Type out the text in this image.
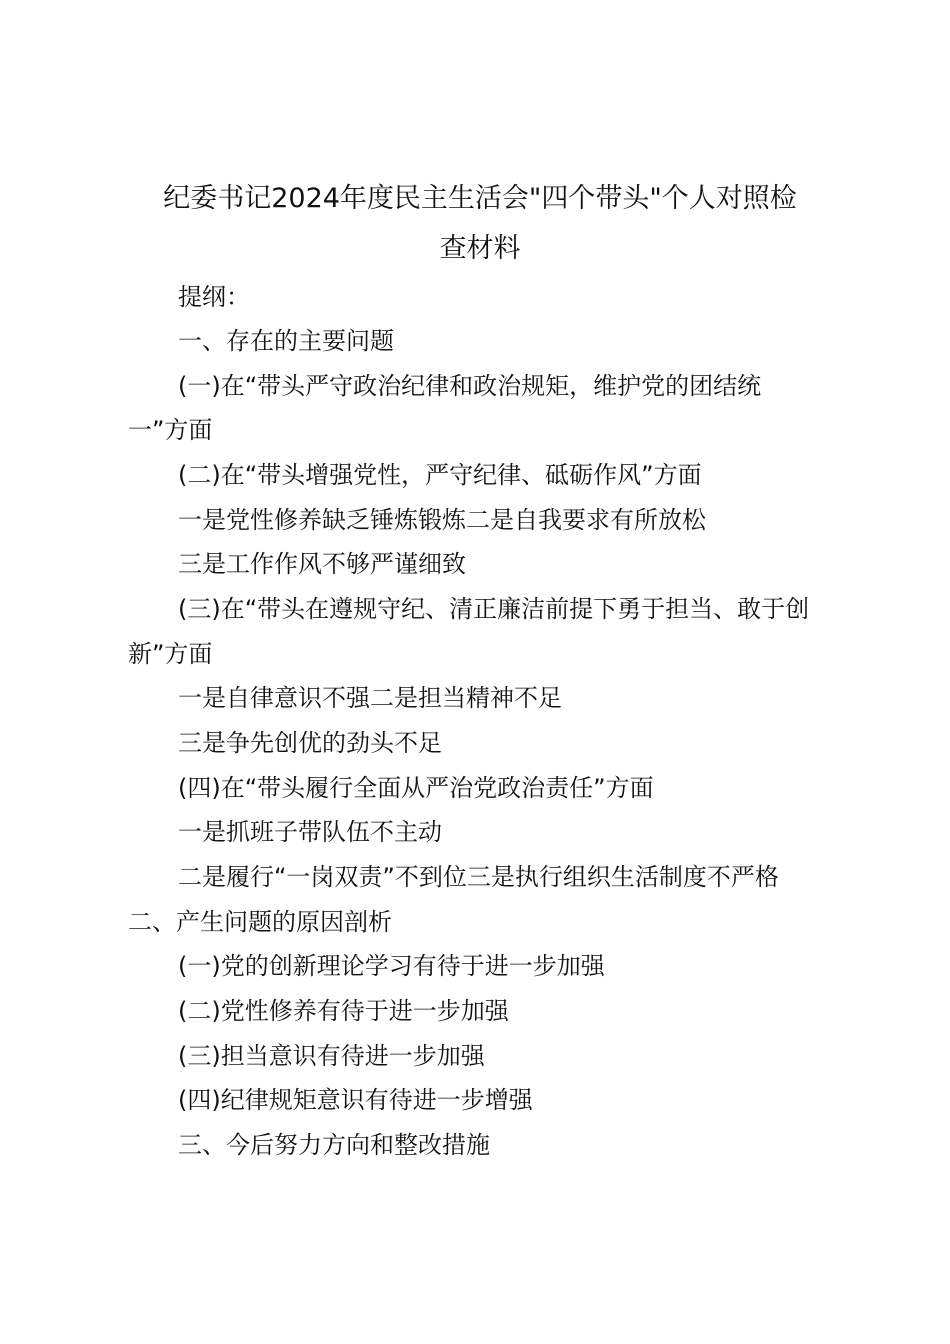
纪委书记2024年度民主生活会"四个带头"个人对照检
查材料
提纲：
一、存在的主要问题
(一)在“带头严守政治纪律和政治规矩，维护党的团结统
一”方面
(二)在“带头增强党性，严守纪律、砥砺作风”方面
一是党性修养缺乏锤炼锻炼二是自我要求有所放松
三是工作作风不够严谨细致
(三)在“带头在遵规守纪、清正廉洁前提下勇于担当、敢于创
新”方面
一是自律意识不强二是担当精神不足
三是争先创优的劲头不足
(四)在“带头履行全面从严治党政治责任”方面
一是抓班子带队伍不主动
二是履行“一岗双责”不到位三是执行组织生活制度不严格
二、产生问题的原因剖析
(一)党的创新理论学习有待于进一步加强
(二)党性修养有待于进一步加强
(三)担当意识有待进一步加强
(四)纪律规矩意识有待进一步增强
三、今后努力方向和整改措施
